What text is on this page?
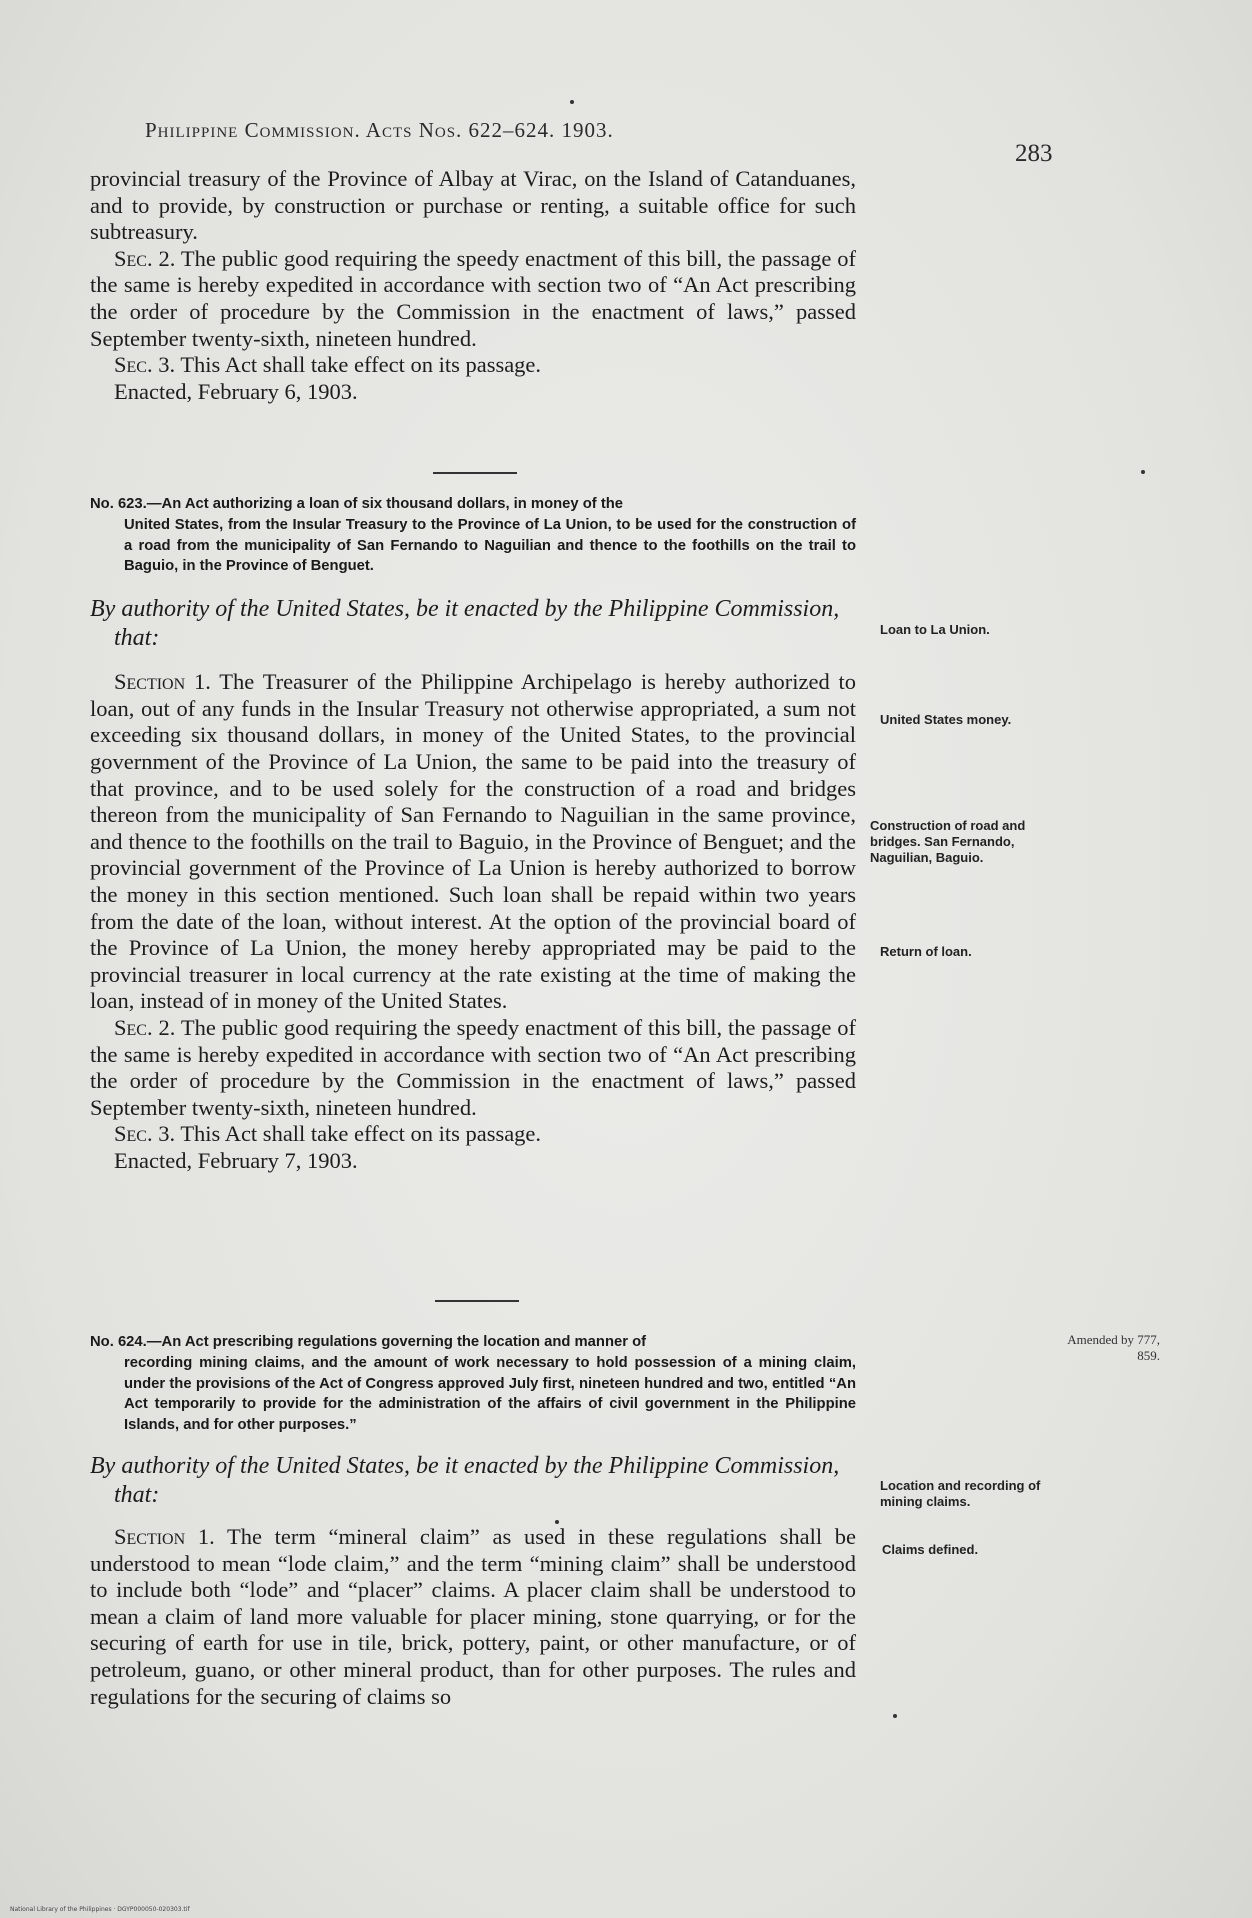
Philippine Commission. Acts Nos. 622–624. 1903.
283

provincial treasury of the Province of Albay at Virac, on the Island of Catanduanes, and to provide, by construction or purchase or renting, a suitable office for such subtreasury.

Sec. 2. The public good requiring the speedy enactment of this bill, the passage of the same is hereby expedited in accordance with section two of “An Act prescribing the order of procedure by the Commission in the enactment of laws,” passed September twenty-sixth, nineteen hundred.

Sec. 3. This Act shall take effect on its passage.

Enacted, February 6, 1903.

No. 623.—An Act authorizing a loan of six thousand dollars, in money of the
United States, from the Insular Treasury to the Province of La Union, to be used for the construction of a road from the municipality of San Fernando to Naguilian and thence to the foothills on the trail to Baguio, in the Province of Benguet.

By authority of the United States, be it enacted by the Philippine Commission, that:

Section 1. The Treasurer of the Philippine Archipelago is hereby authorized to loan, out of any funds in the Insular Treasury not otherwise appropriated, a sum not exceeding six thousand dollars, in money of the United States, to the provincial government of the Province of La Union, the same to be paid into the treasury of that province, and to be used solely for the construction of a road and bridges thereon from the municipality of San Fernando to Naguilian in the same province, and thence to the foothills on the trail to Baguio, in the Province of Benguet; and the provincial government of the Province of La Union is hereby authorized to borrow the money in this section mentioned. Such loan shall be repaid within two years from the date of the loan, without interest. At the option of the provincial board of the Province of La Union, the money hereby appropriated may be paid to the provincial treasurer in local currency at the rate existing at the time of making the loan, instead of in money of the United States.

Sec. 2. The public good requiring the speedy enactment of this bill, the passage of the same is hereby expedited in accordance with section two of “An Act prescribing the order of procedure by the Commission in the enactment of laws,” passed September twenty-sixth, nineteen hundred.

Sec. 3. This Act shall take effect on its passage.

Enacted, February 7, 1903.

Loan to La Union.

United States money.

Construction of road and bridges. San Fernando, Naguilian, Baguio.

Return of loan.

No. 624.—An Act prescribing regulations governing the location and manner of
recording mining claims, and the amount of work necessary to hold possession of a mining claim, under the provisions of the Act of Congress approved July first, nineteen hundred and two, entitled “An Act temporarily to provide for the administration of the affairs of civil government in the Philippine Islands, and for other purposes.”

By authority of the United States, be it enacted by the Philippine Commission, that:

Section 1. The term “mineral claim” as used in these regulations shall be understood to mean “lode claim,” and the term “mining claim” shall be understood to include both “lode” and “placer” claims. A placer claim shall be understood to mean a claim of land more valuable for placer mining, stone quarrying, or for the securing of earth for use in tile, brick, pottery, paint, or other manufacture, or of petroleum, guano, or other mineral product, than for other purposes. The rules and regulations for the securing of claims so

Amended by 777, 859.

Location and recording of mining claims.

Claims defined.

National Library of the Philippines · DGYP000050-020303.tif
